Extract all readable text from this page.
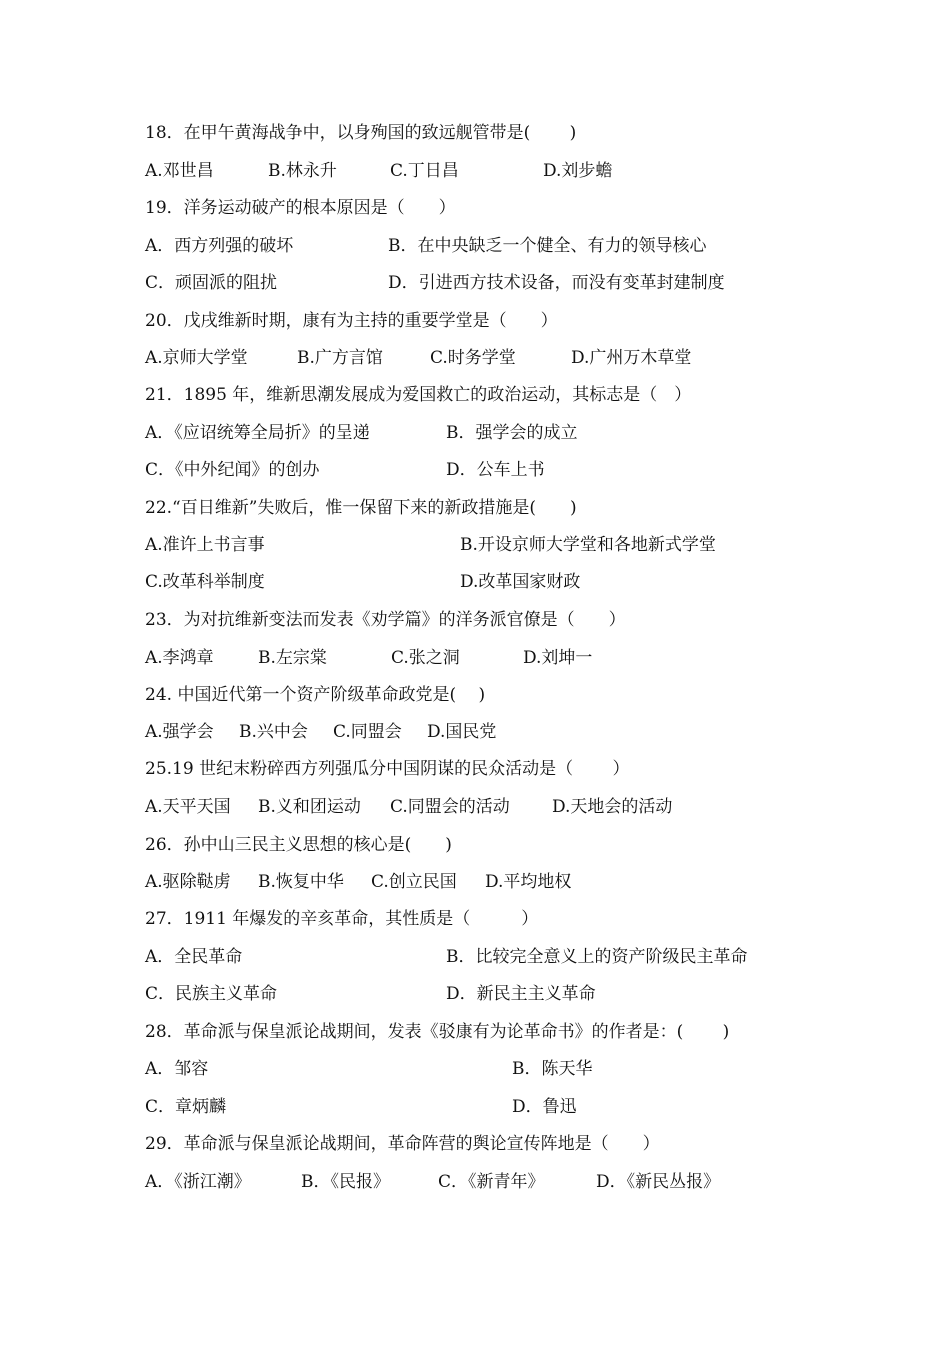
18．在甲午黄海战争中，以身殉国的致远舰管带是(　　 )
A.邓世昌	B.林永升	C.丁日昌	D.刘步蟾
19．洋务运动破产的根本原因是（　　）
A．西方列强的破坏	B．在中央缺乏一个健全、有力的领导核心
C．顽固派的阻扰	D．引进西方技术设备，而没有变革封建制度
20．戊戌维新时期，康有为主持的重要学堂是（　　）
A.京师大学堂	B.广方言馆	C.时务学堂	D.广州万木草堂
21．1895 年，维新思潮发展成为爱国救亡的政治运动，其标志是（　）
A．《应诏统筹全局折》的呈递	B．强学会的成立
C．《中外纪闻》的创办	D．公车上书
22.“百日维新”失败后，惟一保留下来的新政措施是(　　)
A.准许上书言事	B.开设京师大学堂和各地新式学堂
C.改革科举制度	D.改革国家财政
23．为对抗维新变法而发表《劝学篇》的洋务派官僚是（　　）
A.李鸿章	B.左宗棠	C.张之洞	D.刘坤一
24. 中国近代第一个资产阶级革命政党是(　 )
A.强学会 B.兴中会 C.同盟会 D.国民党
25.19 世纪末粉碎西方列强瓜分中国阴谋的民众活动是（　　 ）
A.天平天国 B.义和团运动 C.同盟会的活动 D.天地会的活动
26．孙中山三民主义思想的核心是(　　)
A.驱除鞑虏 B.恢复中华 C.创立民国 D.平均地权
27．1911 年爆发的辛亥革命，其性质是（　　　）
A．全民革命	B．比较完全意义上的资产阶级民主革命
C．民族主义革命	D．新民主主义革命
28．革命派与保皇派论战期间，发表《驳康有为论革命书》的作者是：(　　 )
A．邹容	B．陈天华
C．章炳麟	D．鲁迅
29．革命派与保皇派论战期间，革命阵营的舆论宣传阵地是（　　）
A．《浙江潮》	B．《民报》	C．《新青年》	D．《新民丛报》
